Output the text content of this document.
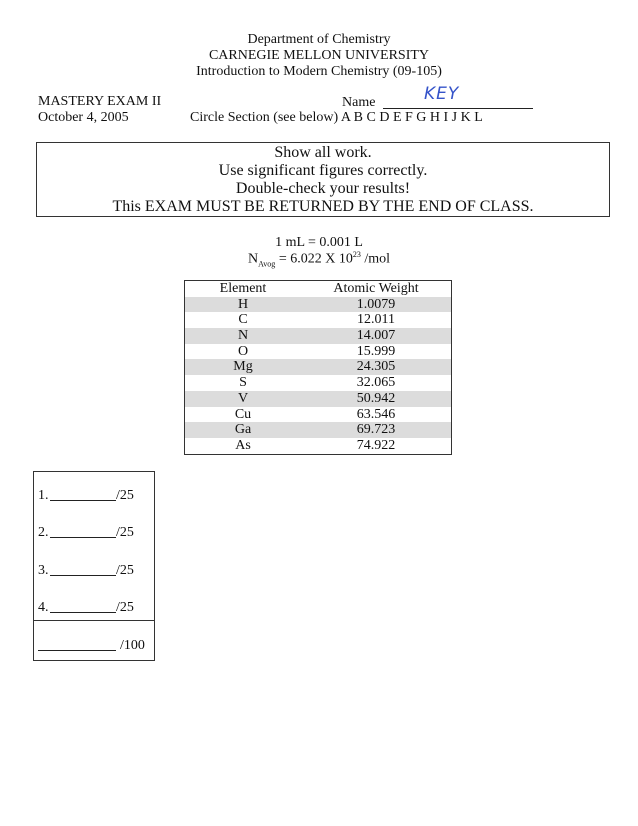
Department of Chemistry
CARNEGIE MELLON UNIVERSITY
Introduction to Modern Chemistry (09-105)
MASTERY EXAM II
October 4, 2005
Name	KEY
Circle Section (see below) A B C D E F G H I J K L
Show all work.
Use significant figures correctly.
Double-check your results!
This EXAM MUST BE RETURNED BY THE END OF CLASS.
1 mL = 0.001 L
$N_{Avog} = 6.022$ X $10^{23}$ /mol
Element	Atomic Weight
H	1.0079
C	12.011
N	14.007
O	15.999
Mg	24.305
S	32.065
V	50.942
Cu	63.546
Ga	69.723
As	74.922
1.	/25
2.	/25
3.	/25
4.	/25
/100
